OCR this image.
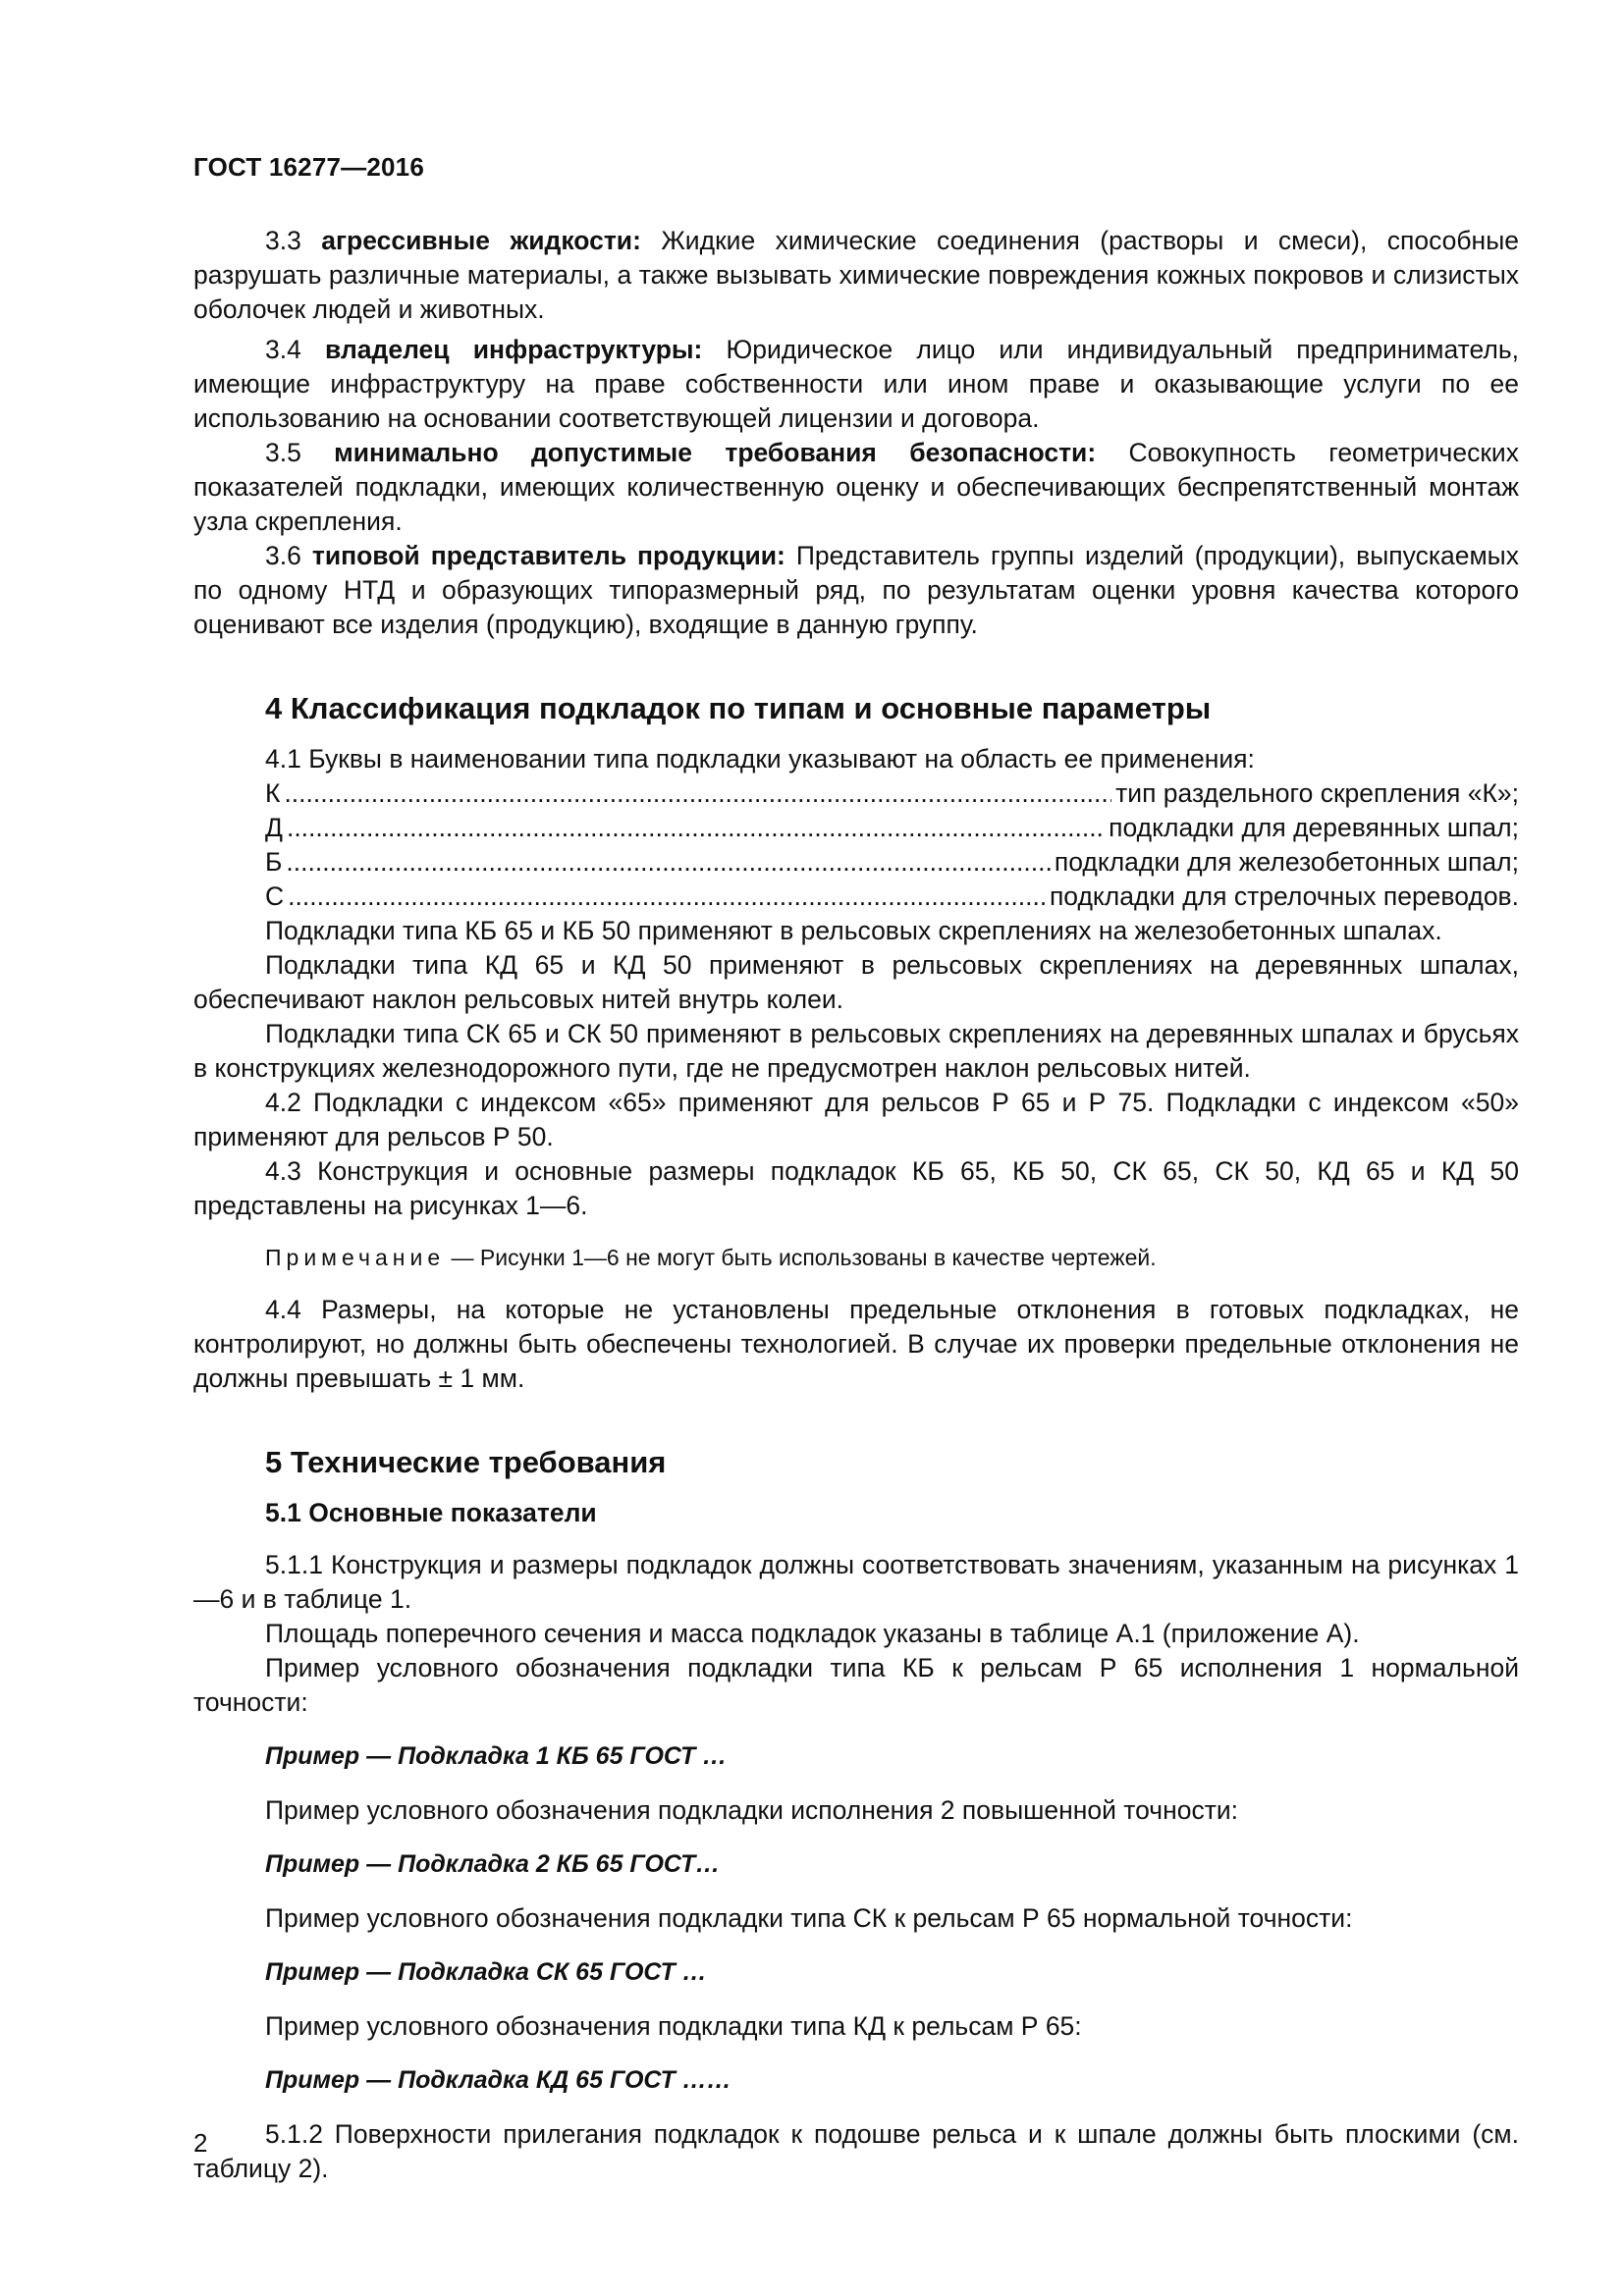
ГОСТ 16277—2016

3.3 агрессивные жидкости: Жидкие химические соединения (растворы и смеси), способные разрушать различные материалы, а также вызывать химические повреждения кожных покровов и слизистых оболочек людей и животных.

3.4 владелец инфраструктуры: Юридическое лицо или индивидуальный предприниматель, имеющие инфраструктуру на праве собственности или ином праве и оказывающие услуги по ее использованию на основании соответствующей лицензии и договора.

3.5 минимально допустимые требования безопасности: Совокупность геометрических показателей подкладки, имеющих количественную оценку и обеспечивающих беспрепятственный монтаж узла скрепления.

3.6 типовой представитель продукции: Представитель группы изделий (продукции), выпускаемых по одному НТД и образующих типоразмерный ряд, по результатам оценки уровня качества которого оценивают все изделия (продукцию), входящие в данную группу.

4 Классификация подкладок по типам и основные параметры

4.1 Буквы в наименовании типа подкладки указывают на область ее применения:

К .....	тип раздельного скрепления «К»;
Д .....	подкладки для деревянных шпал;
Б .....	подкладки для железобетонных шпал;
С .....	подкладки для стрелочных переводов.

Подкладки типа КБ 65 и КБ 50 применяют в рельсовых скреплениях на железобетонных шпалах.

Подкладки типа КД 65 и КД 50 применяют в рельсовых скреплениях на деревянных шпалах, обеспечивают наклон рельсовых нитей внутрь колеи.

Подкладки типа СК 65 и СК 50 применяют в рельсовых скреплениях на деревянных шпалах и брусьях в конструкциях железнодорожного пути, где не предусмотрен наклон рельсовых нитей.

4.2 Подкладки с индексом «65» применяют для рельсов Р 65 и Р 75. Подкладки с индексом «50» применяют для рельсов Р 50.

4.3 Конструкция и основные размеры подкладок КБ 65, КБ 50, СК 65, СК 50, КД 65 и КД 50 представлены на рисунках 1—6.

Примечание — Рисунки 1—6 не могут быть использованы в качестве чертежей.

4.4 Размеры, на которые не установлены предельные отклонения в готовых подкладках, не контролируют, но должны быть обеспечены технологией. В случае их проверки предельные отклонения не должны превышать ± 1 мм.

5 Технические требования
5.1 Основные показатели

5.1.1 Конструкция и размеры подкладок должны соответствовать значениям, указанным на рисунках 1—6 и в таблице 1.

Площадь поперечного сечения и масса подкладок указаны в таблице А.1 (приложение А).

Пример условного обозначения подкладки типа КБ к рельсам Р 65 исполнения 1 нормальной точности:

Пример — Подкладка 1 КБ 65 ГОСТ …

Пример условного обозначения подкладки исполнения 2 повышенной точности:

Пример — Подкладка 2 КБ 65 ГОСТ…

Пример условного обозначения подкладки типа СК к рельсам Р 65 нормальной точности:

Пример — Подкладка СК 65 ГОСТ …

Пример условного обозначения подкладки типа КД к рельсам Р 65:

Пример — Подкладка КД 65 ГОСТ ……

5.1.2 Поверхности прилегания подкладок к подошве рельса и к шпале должны быть плоскими (см. таблицу 2).

2
